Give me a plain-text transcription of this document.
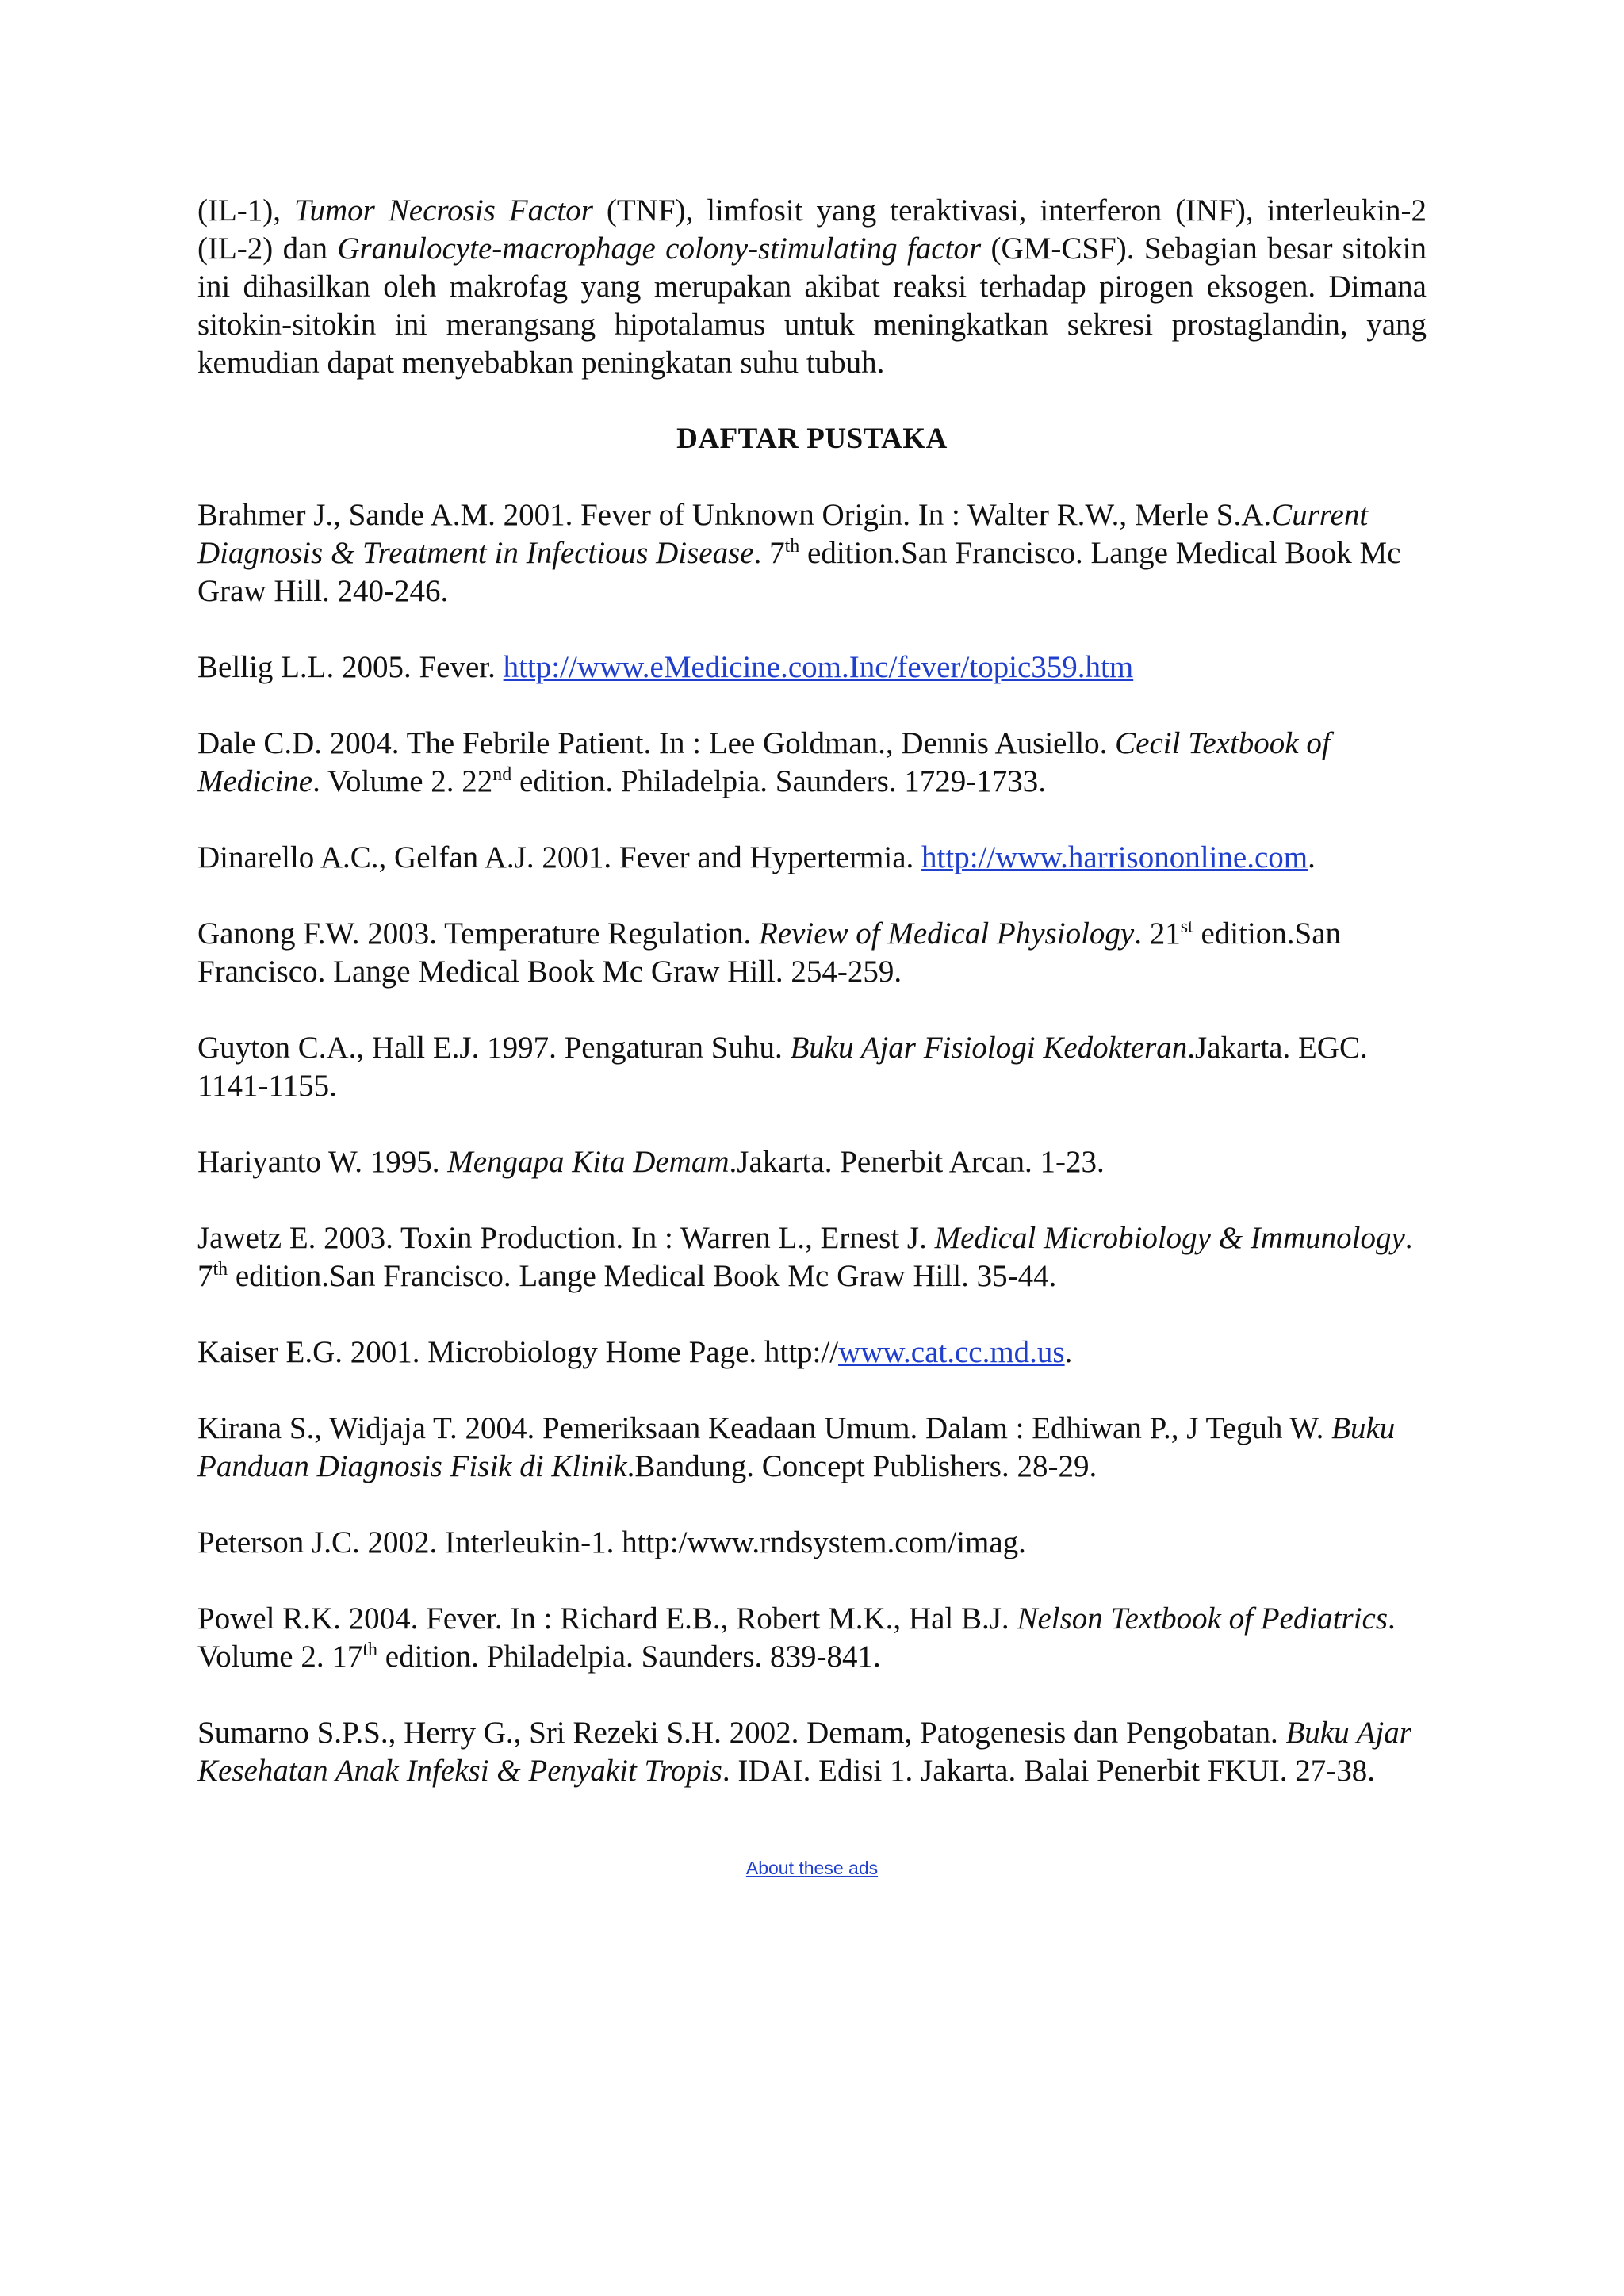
(IL-1), Tumor Necrosis Factor (TNF), limfosit yang teraktivasi, interferon (INF), interleukin-2 (IL-2) dan Granulocyte-macrophage colony-stimulating factor (GM-CSF). Sebagian besar sitokin ini dihasilkan oleh makrofag yang merupakan akibat reaksi terhadap pirogen eksogen. Dimana sitokin-sitokin ini merangsang hipotalamus untuk meningkatkan sekresi prostaglandin, yang kemudian dapat menyebabkan peningkatan suhu tubuh.

DAFTAR PUSTAKA

Brahmer J., Sande A.M. 2001. Fever of Unknown Origin. In : Walter R.W., Merle S.A.Current Diagnosis & Treatment in Infectious Disease. 7th edition.San Francisco. Lange Medical Book Mc Graw Hill. 240-246.

Bellig L.L. 2005. Fever. http://www.eMedicine.com.Inc/fever/topic359.htm

Dale C.D. 2004. The Febrile Patient. In : Lee Goldman., Dennis Ausiello. Cecil Textbook of Medicine. Volume 2. 22nd edition. Philadelpia. Saunders. 1729-1733.

Dinarello A.C., Gelfan A.J. 2001. Fever and Hypertermia. http://www.harrisononline.com.

Ganong F.W. 2003. Temperature Regulation. Review of Medical Physiology. 21st edition.San Francisco. Lange Medical Book Mc Graw Hill. 254-259.

Guyton C.A., Hall E.J. 1997. Pengaturan Suhu. Buku Ajar Fisiologi Kedokteran.Jakarta. EGC. 1141-1155.

Hariyanto W. 1995. Mengapa Kita Demam.Jakarta. Penerbit Arcan. 1-23.

Jawetz E. 2003. Toxin Production. In : Warren L., Ernest J. Medical Microbiology & Immunology. 7th edition.San Francisco. Lange Medical Book Mc Graw Hill. 35-44.

Kaiser E.G. 2001. Microbiology Home Page. http://www.cat.cc.md.us.

Kirana S., Widjaja T. 2004. Pemeriksaan Keadaan Umum. Dalam : Edhiwan P., J Teguh W. Buku Panduan Diagnosis Fisik di Klinik.Bandung. Concept Publishers. 28-29.

Peterson J.C. 2002. Interleukin-1. http:/www.rndsystem.com/imag.

Powel R.K. 2004. Fever. In : Richard E.B., Robert M.K., Hal B.J. Nelson Textbook of Pediatrics. Volume 2. 17th edition. Philadelpia. Saunders. 839-841.

Sumarno S.P.S., Herry G., Sri Rezeki S.H. 2002. Demam, Patogenesis dan Pengobatan. Buku Ajar Kesehatan Anak Infeksi & Penyakit Tropis. IDAI. Edisi 1. Jakarta. Balai Penerbit FKUI. 27-38.

About these ads
